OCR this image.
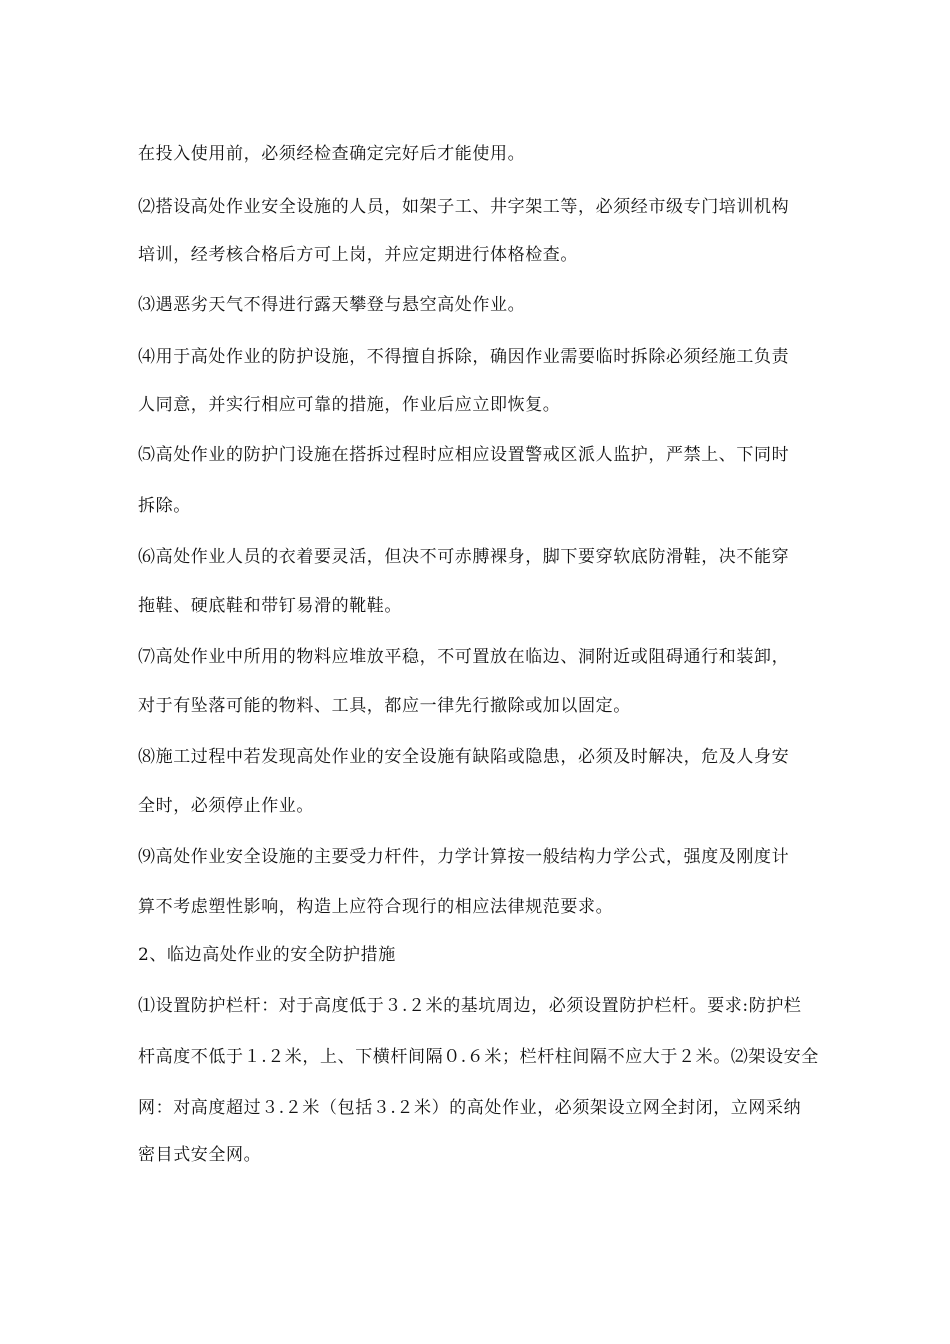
在投入使用前，必须经检查确定完好后才能使用。
⑵搭设高处作业安全设施的人员，如架子工、井字架工等，必须经市级专门培训机构
培训，经考核合格后方可上岗，并应定期进行体格检查。
⑶遇恶劣天气不得进行露天攀登与悬空高处作业。
⑷用于高处作业的防护设施，不得擅自拆除，确因作业需要临时拆除必须经施工负责
人同意，并实行相应可靠的措施，作业后应立即恢复。
⑸高处作业的防护门设施在搭拆过程时应相应设置警戒区派人监护，严禁上、下同时
拆除。
⑹高处作业人员的衣着要灵活，但决不可赤膊裸身，脚下要穿软底防滑鞋，决不能穿
拖鞋、硬底鞋和带钉易滑的靴鞋。
⑺高处作业中所用的物料应堆放平稳，不可置放在临边、洞附近或阻碍通行和装卸，
对于有坠落可能的物料、工具，都应一律先行撤除或加以固定。
⑻施工过程中若发现高处作业的安全设施有缺陷或隐患，必须及时解决，危及人身安
全时，必须停止作业。
⑼高处作业安全设施的主要受力杆件，力学计算按一般结构力学公式，强度及刚度计
算不考虑塑性影响，构造上应符合现行的相应法律规范要求。
2、临边高处作业的安全防护措施
⑴设置防护栏杆：对于高度低于３.２米的基坑周边，必须设置防护栏杆。要求:防护栏
杆高度不低于１.２米，上、下横杆间隔０.６米；栏杆柱间隔不应大于２米。⑵架设安全
网：对高度超过３.２米（包括３.２米）的高处作业，必须架设立网全封闭，立网采纳
密目式安全网。
